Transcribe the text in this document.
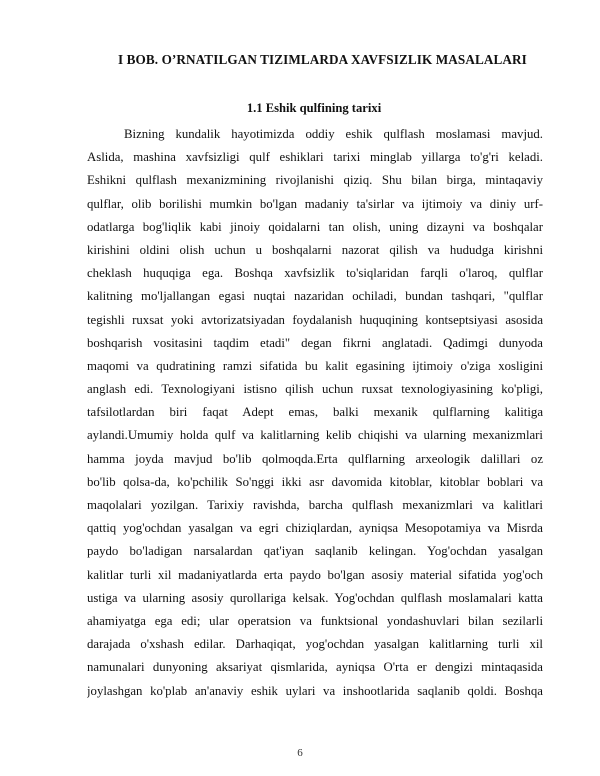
I BOB. O’RNATILGAN TIZIMLARDA XAVFSIZLIK MASALALARI
1.1 Eshik qulfining tarixi
Bizning kundalik hayotimizda oddiy eshik qulflash moslamasi mavjud.
Aslida, mashina xavfsizligi qulf eshiklari tarixi minglab yillarga to'g'ri keladi.
Eshikni qulflash mexanizmining rivojlanishi qiziq. Shu bilan birga, mintaqaviy
qulflar, olib borilishi mumkin bo'lgan madaniy ta'sirlar va ijtimoiy va diniy urf-
odatlarga bog'liqlik kabi jinoiy qoidalarni tan olish, uning dizayni va boshqalar
kirishini oldini olish uchun u boshqalarni nazorat qilish va hududga kirishni
cheklash huquqiga ega. Boshqa xavfsizlik to'siqlaridan farqli o'laroq, qulflar
kalitning mo'ljallangan egasi nuqtai nazaridan ochiladi, bundan tashqari, "qulflar
tegishli ruxsat yoki avtorizatsiyadan foydalanish huquqining kontseptsiyasi asosida
boshqarish vositasini taqdim etadi" degan fikrni anglatadi. Qadimgi dunyoda
maqomi va qudratining ramzi sifatida bu kalit egasining ijtimoiy o'ziga xosligini
anglash edi. Texnologiyani istisno qilish uchun ruxsat texnologiyasining ko'pligi,
tafsilotlardan biri faqat Adept emas, balki mexanik qulflarning kalitiga
aylandi.Umumiy holda qulf va kalitlarning kelib chiqishi va ularning mexanizmlari
hamma joyda mavjud bo'lib qolmoqda.Erta qulflarning arxeologik dalillari oz
bo'lib qolsa-da, ko'pchilik So'nggi ikki asr davomida kitoblar, kitoblar boblari va
maqolalari yozilgan. Tarixiy ravishda, barcha qulflash mexanizmlari va kalitlari
qattiq yog'ochdan yasalgan va egri chiziqlardan, ayniqsa Mesopotamiya va Misrda
paydo bo'ladigan narsalardan qat'iyan saqlanib kelingan. Yog'ochdan yasalgan
kalitlar turli xil madaniyatlarda erta paydo bo'lgan asosiy material sifatida yog'och
ustiga va ularning asosiy qurollariga kelsak. Yog'ochdan qulflash moslamalari katta
ahamiyatga ega edi; ular operatsion va funktsional yondashuvlari bilan sezilarli
darajada o'xshash edilar. Darhaqiqat, yog'ochdan yasalgan kalitlarning turli xil
namunalari dunyoning aksariyat qismlarida, ayniqsa O'rta er dengizi mintaqasida
joylashgan ko'plab an'anaviy eshik uylari va inshootlarida saqlanib qoldi. Boshqa
6
